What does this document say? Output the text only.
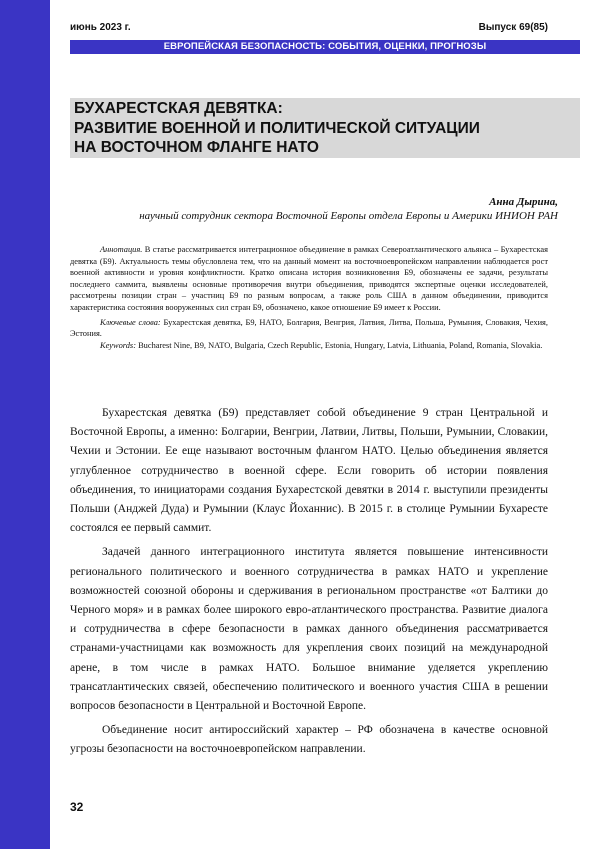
июнь 2023 г.	Выпуск 69(85)
ЕВРОПЕЙСКАЯ БЕЗОПАСНОСТЬ: СОБЫТИЯ, ОЦЕНКИ, ПРОГНОЗЫ
БУХАРЕСТСКАЯ ДЕВЯТКА:
РАЗВИТИЕ ВОЕННОЙ И ПОЛИТИЧЕСКОЙ СИТУАЦИИ
НА ВОСТОЧНОМ ФЛАНГЕ НАТО
Анна Дырина,
научный сотрудник сектора Восточной Европы отдела Европы и Америки ИНИОН РАН

Аннотация. В статье рассматривается интеграционное объединение в рамках Североатлантического альянса – Бухарестская девятка (Б9). Актуальность темы обусловлена тем, что на данный момент на восточноевропейском направлении наблюдается рост военной активности и уровня конфликтности. Кратко описана история возникновения Б9, обозначены ее задачи, результаты последнего саммита, выявлены основные противоречия внутри объединения, приводятся экспертные оценки исследователей, рассмотрены позиции стран – участниц Б9 по разным вопросам, а также роль США в данном объединении, приводится характеристика состояния вооруженных сил стран Б9, обозначено, какое отношение Б9 имеет к России.

Ключевые слова: Бухарестская девятка, Б9, НАТО, Болгария, Венгрия, Латвия, Литва, Польша, Румыния, Словакия, Чехия, Эстония.

Keywords: Bucharest Nine, B9, NATO, Bulgaria, Czech Republic, Estonia, Hungary, Latvia, Lithuania, Poland, Romania, Slovakia.

Бухарестская девятка (Б9) представляет собой объединение 9 стран Центральной и Восточной Европы, а именно: Болгарии, Венгрии, Латвии, Литвы, Польши, Румынии, Словакии, Чехии и Эстонии. Ее еще называют восточным флангом НАТО. Целью объединения является углубленное сотрудничество в военной сфере. Если говорить об истории появления объединения, то инициаторами создания Бухарестской девятки в 2014 г. выступили президенты Польши (Анджей Дуда) и Румынии (Клаус Йоханнис). В 2015 г. в столице Румынии Бухаресте состоялся ее первый саммит.

Задачей данного интеграционного института является повышение интенсивности регионального политического и военного сотрудничества в рамках НАТО и укрепление возможностей союзной обороны и сдерживания в региональном пространстве «от Балтики до Черного моря» и в рамках более широкого евро-атлантического пространства. Развитие диалога и сотрудничества в сфере безопасности в рамках данного объединения рассматривается странами-участницами как возможность для укрепления своих позиций на международной арене, в том числе в рамках НАТО. Большое внимание уделяется укреплению трансатлантических связей, обеспечению политического и военного участия США в решении вопросов безопасности в Центральной и Восточной Европе.

Объединение носит антироссийский характер – РФ обозначена в качестве основной угрозы безопасности на восточноевропейском направлении.

32
